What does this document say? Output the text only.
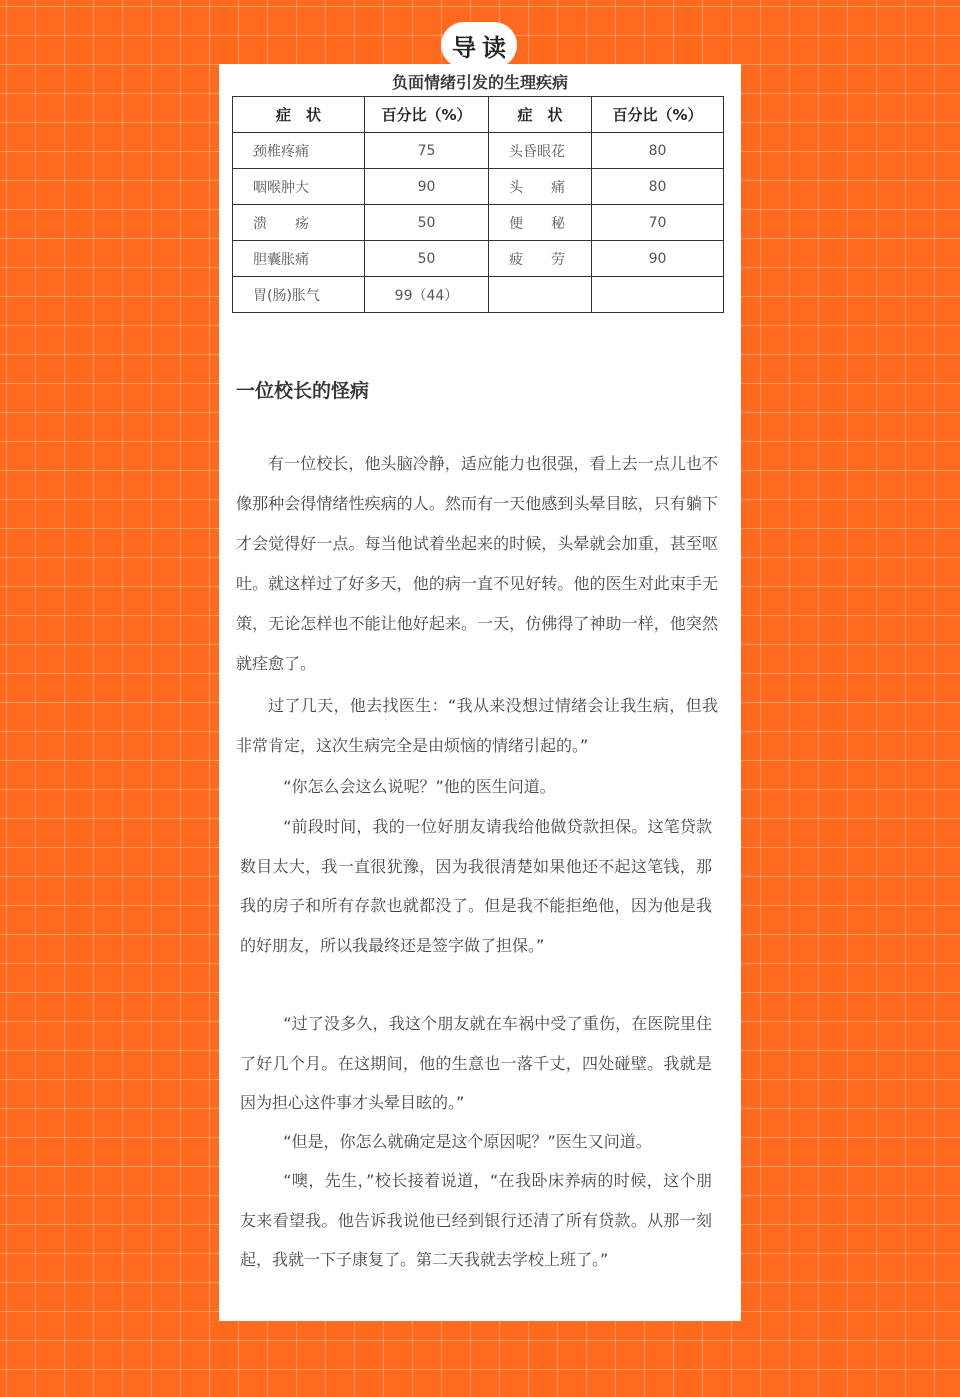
导读
负面情绪引发的生理疾病
症　状	百分比（%）	症　状	百分比（%）
颈椎疼痛	75	头昏眼花	80
咽喉肿大	90	头　　痛	80
溃　　疡	50	便　　秘	70
胆囊胀痛	50	疲　　劳	90
胃(肠)胀气	99（44）		
一位校长的怪病

有一位校长，他头脑冷静，适应能力也很强，看上去一点儿也不像那种会得情绪性疾病的人。然而有一天他感到头晕目眩，只有躺下才会觉得好一点。每当他试着坐起来的时候，头晕就会加重，甚至呕吐。就这样过了好多天，他的病一直不见好转。他的医生对此束手无策，无论怎样也不能让他好起来。一天，仿佛得了神助一样，他突然就痊愈了。

过了几天，他去找医生：“我从来没想过情绪会让我生病，但我非常肯定，这次生病完全是由烦恼的情绪引起的。”

“你怎么会这么说呢？”他的医生问道。

“前段时间，我的一位好朋友请我给他做贷款担保。这笔贷款数目太大，我一直很犹豫，因为我很清楚如果他还不起这笔钱，那我的房子和所有存款也就都没了。但是我不能拒绝他，因为他是我的好朋友，所以我最终还是签字做了担保。”

“过了没多久，我这个朋友就在车祸中受了重伤，在医院里住了好几个月。在这期间，他的生意也一落千丈，四处碰壁。我就是因为担心这件事才头晕目眩的。”

“但是，你怎么就确定是这个原因呢？”医生又问道。

“噢，先生，”校长接着说道，“在我卧床养病的时候，这个朋友来看望我。他告诉我说他已经到银行还清了所有贷款。从那一刻起，我就一下子康复了。第二天我就去学校上班了。”
